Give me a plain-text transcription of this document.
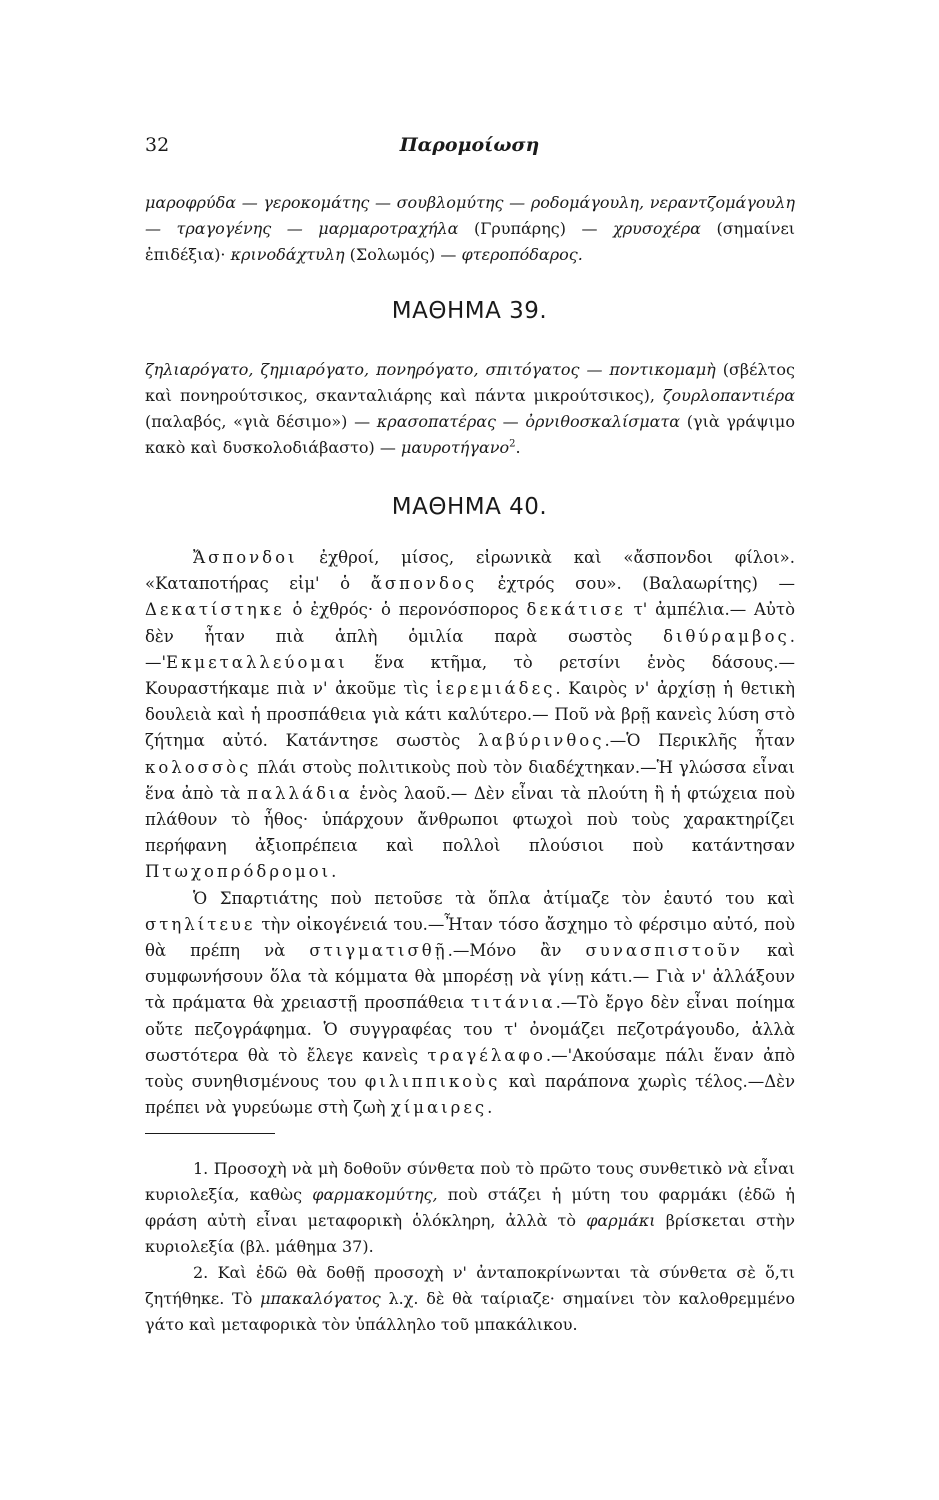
32	Παρομοίωση

μαροφρύδα — γεροκομάτης — σουβλομύτης — ροδομάγουλη, νεραντζομάγουλη — τραγογένης — μαρμαροτραχήλα (Γρυπάρης) — χρυσοχέρα (σημαίνει ἐπιδέξια)· κρινοδάχτυλη (Σολωμός) — φτεροπόδαρος.

ΜΑΘΗΜΑ 39.

ζηλιαρόγατο, ζημιαρόγατο, πονηρόγατο, σπιτόγατος — ποντικομαμὴ (σβέλτος καὶ πονηρούτσικος, σκανταλιάρης καὶ πάντα μικρούτσικος), ζουρλοπαντιέρα (παλαβός, «γιὰ δέσιμο») — κρασοπατέρας — ὀρνιθοσκαλίσματα (γιὰ γράψιμο κακὸ καὶ δυσκολοδιάβαστο) — μαυροτήγανο$^2$.

ΜΑΘΗΜΑ 40.

Ἄσπονδοι ἐχθροί, μίσος, εἰρωνικὰ καὶ «ἄσπονδοι φίλοι». «Καταποτήρας εἰμ' ὁ ἄσπονδος ἐχτρός σου». (Βαλαωρίτης) — Δεκατίστηκε ὁ ἐχθρός· ὁ περονόσπορος δεκάτισε τ' ἀμπέλια.— Αὐτὸ δὲν ἦταν πιὰ ἁπλὴ ὁμιλία παρὰ σωστὸς διθύραμβος.—'Εκμεταλλεύομαι ἕνα κτῆμα, τὸ ρετσίνι ἑνὸς δάσους.— Κουραστήκαμε πιὰ ν' ἀκοῦμε τὶς ἱερεμιάδες. Καιρὸς ν' ἀρχίσῃ ἡ θετικὴ δουλειὰ καὶ ἡ προσπάθεια γιὰ κάτι καλύτερο.— Ποῦ νὰ βρῇ κανεὶς λύση στὸ ζήτημα αὐτό. Κατάντησε σωστὸς λαβύρινθος.—Ὁ Περικλῆς ἦταν κολοσσὸς πλάι στοὺς πολιτικοὺς ποὺ τὸν διαδέχτηκαν.—Ἡ γλώσσα εἶναι ἕνα ἀπὸ τὰ παλλάδια ἑνὸς λαοῦ.— Δὲν εἶναι τὰ πλούτη ἢ ἡ φτώχεια ποὺ πλάθουν τὸ ἦθος· ὑπάρχουν ἄνθρωποι φτωχοὶ ποὺ τοὺς χαρακτηρίζει περήφανη ἀξιοπρέπεια καὶ πολλοὶ πλούσιοι ποὺ κατάντησαν Πτωχοπρόδρομοι.

Ὁ Σπαρτιάτης ποὺ πετοῦσε τὰ ὅπλα ἀτίμαζε τὸν ἑαυτό του καὶ στηλίτευε τὴν οἰκογένειά του.—Ἦταν τόσο ἄσχημο τὸ φέρσιμο αὐτό, ποὺ θὰ πρέπη νὰ στιγματισθῇ.—Μόνο ἂν συνασπιστοῦν καὶ συμφωνήσουν ὅλα τὰ κόμματα θὰ μπορέσῃ νὰ γίνῃ κάτι.— Γιὰ ν' ἀλλάξουν τὰ πράματα θὰ χρειαστῇ προσπάθεια τιτάνια.—Τὸ ἔργο δὲν εἶναι ποίημα οὔτε πεζογράφημα. Ὁ συγγραφέας του τ' ὀνομάζει πεζοτράγουδο, ἀλλὰ σωστότερα θὰ τὸ ἔλεγε κανεὶς τραγέλαφο.—'Ακούσαμε πάλι ἕναν ἀπὸ τοὺς συνηθισμένους του φιλιππικοὺς καὶ παράπονα χωρὶς τέλος.—Δὲν πρέπει νὰ γυρεύωμε στὴ ζωὴ χίμαιρες.

1. Προσοχὴ νὰ μὴ δοθοῦν σύνθετα ποὺ τὸ πρῶτο τους συνθετικὸ νὰ εἶναι κυριολεξία, καθὼς φαρμακομύτης, ποὺ στάζει ἡ μύτη του φαρμάκι (ἐδῶ ἡ φράση αὐτὴ εἶναι μεταφορικὴ ὁλόκληρη, ἀλλὰ τὸ φαρμάκι βρίσκεται στὴν κυριολεξία (βλ. μάθημα 37).

2. Καὶ ἐδῶ θὰ δοθῇ προσοχὴ ν' ἀνταποκρίνωνται τὰ σύνθετα σὲ ὅ,τι ζητήθηκε. Τὸ μπακαλόγατος λ.χ. δὲ θὰ ταίριαζε· σημαίνει τὸν καλοθρεμμένο γάτο καὶ μεταφορικὰ τὸν ὑπάλληλο τοῦ μπακάλικου.
